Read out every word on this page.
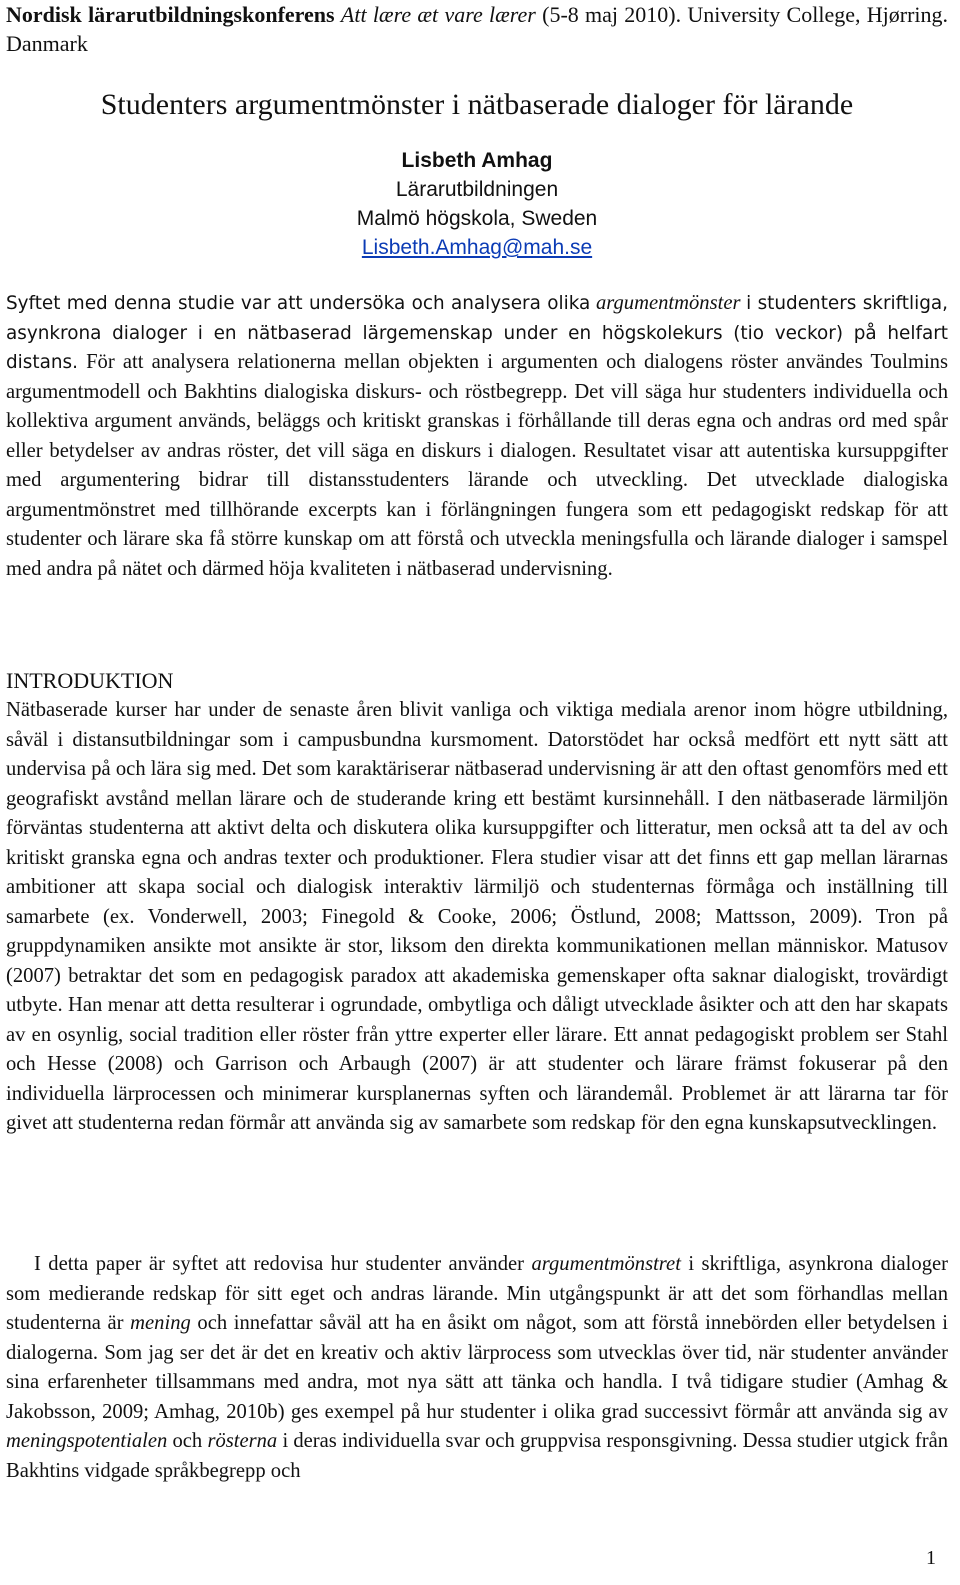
Nordisk lärarutbildningskonferens Att lære æt vare lærer (5-8 maj 2010). University College, Hjørring. Danmark
Studenters argumentmönster i nätbaserade dialoger för lärande
Lisbeth Amhag
Lärarutbildningen
Malmö högskola, Sweden
Lisbeth.Amhag@mah.se
Syftet med denna studie var att undersöka och analysera olika argumentmönster i studenters skriftliga, asynkrona dialoger i en nätbaserad lärgemenskap under en högskolekurs (tio veckor) på helfart distans. För att analysera relationerna mellan objekten i argumenten och dialogens röster användes Toulmins argumentmodell och Bakhtins dialogiska diskurs- och röstbegrepp. Det vill säga hur studenters individuella och kollektiva argument används, beläggs och kritiskt granskas i förhållande till deras egna och andras ord med spår eller betydelser av andras röster, det vill säga en diskurs i dialogen. Resultatet visar att autentiska kursuppgifter med argumentering bidrar till distansstudenters lärande och utveckling. Det utvecklade dialogiska argumentmönstret med tillhörande excerpts kan i förlängningen fungera som ett pedagogiskt redskap för att studenter och lärare ska få större kunskap om att förstå och utveckla meningsfulla och lärande dialoger i samspel med andra på nätet och därmed höja kvaliteten i nätbaserad undervisning.
INTRODUKTION
Nätbaserade kurser har under de senaste åren blivit vanliga och viktiga mediala arenor inom högre utbildning, såväl i distansutbildningar som i campusbundna kursmoment. Datorstödet har också medfört ett nytt sätt att undervisa på och lära sig med. Det som karaktäriserar nätbaserad undervisning är att den oftast genomförs med ett geografiskt avstånd mellan lärare och de studerande kring ett bestämt kursinnehåll. I den nätbaserade lärmiljön förväntas studenterna att aktivt delta och diskutera olika kursuppgifter och litteratur, men också att ta del av och kritiskt granska egna och andras texter och produktioner. Flera studier visar att det finns ett gap mellan lärarnas ambitioner att skapa social och dialogisk interaktiv lärmiljö och studenternas förmåga och inställning till samarbete (ex. Vonderwell, 2003; Finegold & Cooke, 2006; Östlund, 2008; Mattsson, 2009). Tron på gruppdynamiken ansikte mot ansikte är stor, liksom den direkta kommunikationen mellan människor. Matusov (2007) betraktar det som en pedagogisk paradox att akademiska gemenskaper ofta saknar dialogiskt, trovärdigt utbyte. Han menar att detta resulterar i ogrundade, ombytliga och dåligt utvecklade åsikter och att den har skapats av en osynlig, social tradition eller röster från yttre experter eller lärare. Ett annat pedagogiskt problem ser Stahl och Hesse (2008) och Garrison och Arbaugh (2007) är att studenter och lärare främst fokuserar på den individuella lärprocessen och minimerar kursplanernas syften och lärandemål. Problemet är att lärarna tar för givet att studenterna redan förmår att använda sig av samarbete som redskap för den egna kunskapsutvecklingen.
I detta paper är syftet att redovisa hur studenter använder argumentmönstret i skriftliga, asynkrona dialoger som medierande redskap för sitt eget och andras lärande. Min utgångspunkt är att det som förhandlas mellan studenterna är mening och innefattar såväl att ha en åsikt om något, som att förstå innebörden eller betydelsen i dialogerna. Som jag ser det är det en kreativ och aktiv lärprocess som utvecklas över tid, när studenter använder sina erfarenheter tillsammans med andra, mot nya sätt att tänka och handla. I två tidigare studier (Amhag & Jakobsson, 2009; Amhag, 2010b) ges exempel på hur studenter i olika grad successivt förmår att använda sig av meningspotentialen och rösterna i deras individuella svar och gruppvisa responsgivning. Dessa studier utgick från Bakhtins vidgade språkbegrepp och
1
